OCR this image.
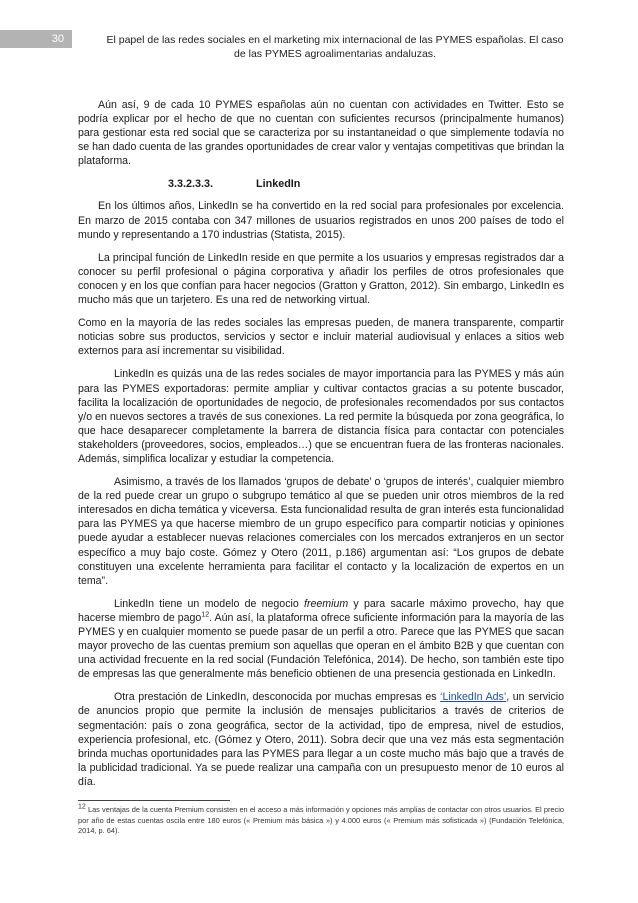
30	El papel de las redes sociales en el marketing mix internacional de las PYMES españolas. El caso de las PYMES agroalimentarias andaluzas.

Aún así, 9 de cada 10 PYMES españolas aún no cuentan con actividades en Twitter. Esto se podría explicar por el hecho de que no cuentan con suficientes recursos (principalmente humanos) para gestionar esta red social que se caracteriza por su instantaneidad o que simplemente todavía no se han dado cuenta de las grandes oportunidades de crear valor y ventajas competitivas que brindan la plataforma.

3.3.2.3.3.	LinkedIn

En los últimos años, LinkedIn se ha convertido en la red social para profesionales por excelencia. En marzo de 2015 contaba con 347 millones de usuarios registrados en unos 200 países de todo el mundo y representando a 170 industrias (Statista, 2015).

La principal función de LinkedIn reside en que permite a los usuarios y empresas registrados dar a conocer su perfil profesional o página corporativa y añadir los perfiles de otros profesionales que conocen y en los que confían para hacer negocios (Gratton y Gratton, 2012). Sin embargo, LinkedIn es mucho más que un tarjetero. Es una red de networking virtual.

Como en la mayoría de las redes sociales las empresas pueden, de manera transparente, compartir noticias sobre sus productos, servicios y sector e incluir material audiovisual y enlaces a sitios web externos para así incrementar su visibilidad.

LinkedIn es quizás una de las redes sociales de mayor importancia para las PYMES y más aún para las PYMES exportadoras: permite ampliar y cultivar contactos gracias a su potente buscador, facilita la localización de oportunidades de negocio, de profesionales recomendados por sus contactos y/o en nuevos sectores a través de sus conexiones. La red permite la búsqueda por zona geográfica, lo que hace desaparecer completamente la barrera de distancia física para contactar con potenciales stakeholders (proveedores, socios, empleados…) que se encuentran fuera de las fronteras nacionales. Además, simplifica localizar y estudiar la competencia.

Asimismo, a través de los llamados ‘grupos de debate’ o ‘grupos de interés’, cualquier miembro de la red puede crear un grupo o subgrupo temático al que se pueden unir otros miembros de la red interesados en dicha temática y viceversa. Esta funcionalidad resulta de gran interés esta funcionalidad para las PYMES ya que hacerse miembro de un grupo específico para compartir noticias y opiniones puede ayudar a establecer nuevas relaciones comerciales con los mercados extranjeros en un sector específico a muy bajo coste. Gómez y Otero (2011, p.186) argumentan así: “Los grupos de debate constituyen una excelente herramienta para facilitar el contacto y la localización de expertos en un tema”.

LinkedIn tiene un modelo de negocio freemium y para sacarle máximo provecho, hay que hacerse miembro de pago$^{12}$. Aún así, la plataforma ofrece suficiente información para la mayoría de las PYMES y en cualquier momento se puede pasar de un perfil a otro. Parece que las PYMES que sacan mayor provecho de las cuentas premium son aquellas que operan en el ámbito B2B y que cuentan con una actividad frecuente en la red social (Fundación Telefónica, 2014). De hecho, son también este tipo de empresas las que generalmente más beneficio obtienen de una presencia gestionada en LinkedIn.

Otra prestación de LinkedIn, desconocida por muchas empresas es ‘LinkedIn Ads’, un servicio de anuncios propio que permite la inclusión de mensajes publicitarios a través de criterios de segmentación: país o zona geográfica, sector de la actividad, tipo de empresa, nivel de estudios, experiencia profesional, etc. (Gómez y Otero, 2011). Sobra decir que una vez más esta segmentación brinda muchas oportunidades para las PYMES para llegar a un coste mucho más bajo que a través de la publicidad tradicional. Ya se puede realizar una campaña con un presupuesto menor de 10 euros al día.

$^{12}$ Las ventajas de la cuenta Premium consisten en el acceso a más información y opciones más amplias de contactar con otros usuarios. El precio por año de estas cuentas oscila entre 180 euros (« Premium más básica ») y 4.000 euros (« Premium más sofisticada ») (Fundación Telefónica, 2014, p. 64).
